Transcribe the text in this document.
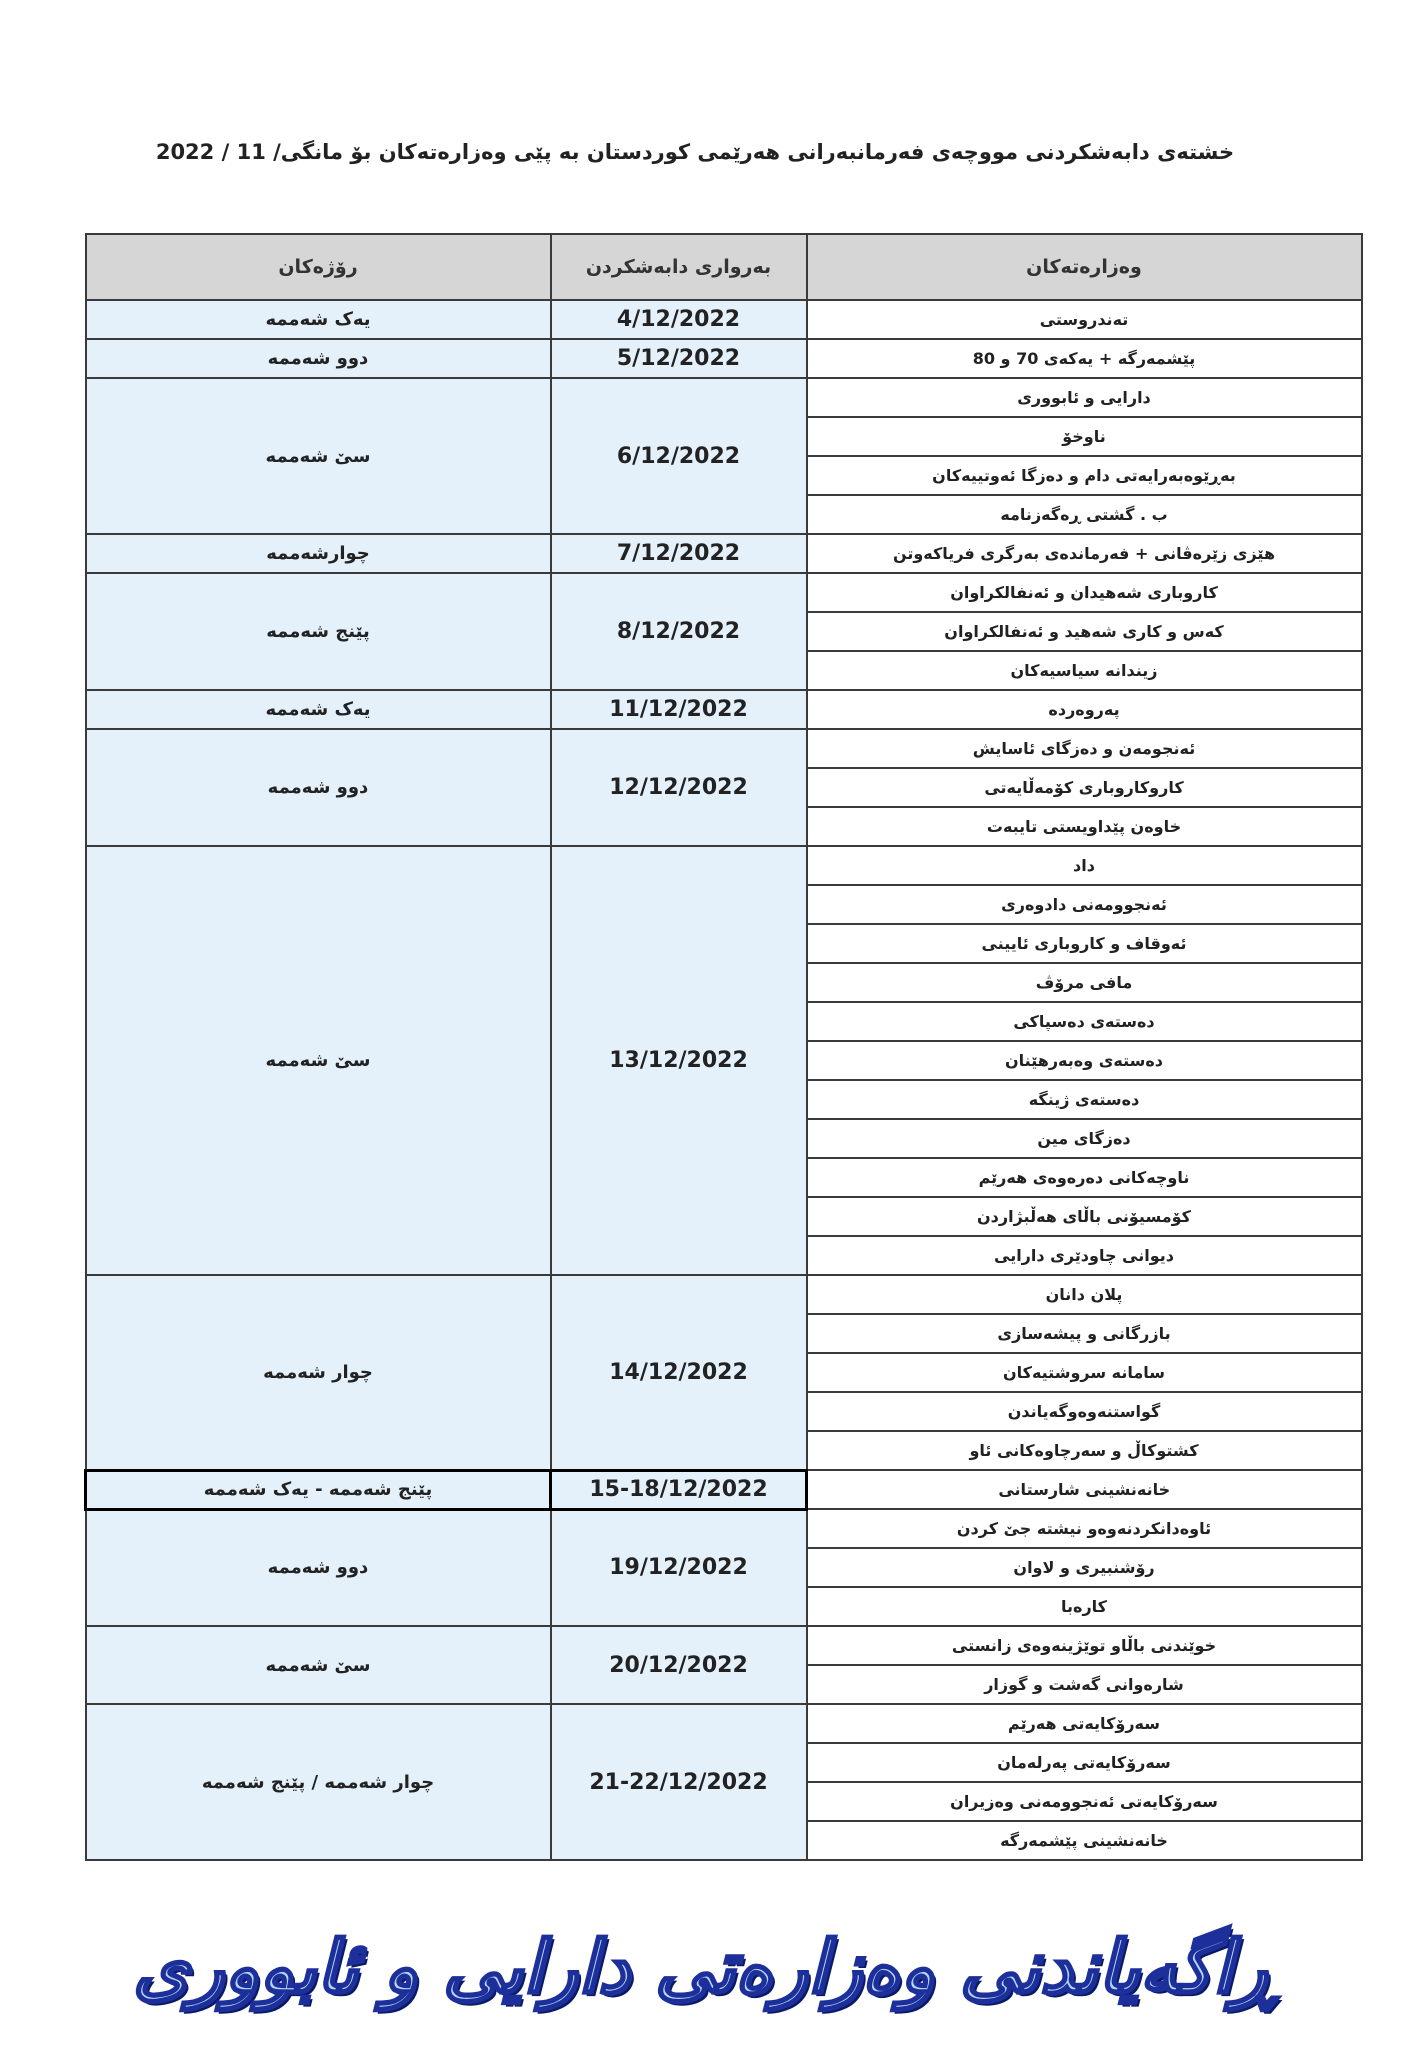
خشتەی دابەشکردنی مووچەی فەرمانبەرانی هەرێمی کوردستان بە پێی وەزارەتەکان بۆ مانگی/ 11 / 2022
وەزارەتەکان	بەرواری دابەشکردن	رۆژەکان
تەندروستی	4/12/2022	یەک شەممە
پێشمەرگە + یەکەی 70 و 80	5/12/2022	دوو شەممە
دارایی و ئابووری	6/12/2022	سێ شەممە
ناوخۆ		
بەڕێوەبەرایەتی دام و دەزگا ئەوتییەکان		
ب . گشتی ڕەگەزنامە		
هێزی زێرەڤانی + فەرماندەی بەرگری فریاکەوتن	7/12/2022	چوارشەممە
کاروباری شەهیدان و ئەنفالکراوان	8/12/2022	پێنج شەممە
کەس و کاری شەهید و ئەنفالکراوان		
زیندانە سیاسیەکان		
پەروەردە	11/12/2022	یەک شەممە
ئەنجومەن و دەزگای ئاسایش	12/12/2022	دوو شەممە
کاروکاروباری کۆمەڵایەتی		
خاوەن پێداویستی تایبەت		
داد	13/12/2022	سێ شەممە
ئەنجوومەنی دادوەری		
ئەوقاف و کاروباری ئایینی		
مافی مرۆڤ		
دەستەی دەسپاکی		
دەستەی وەبەرهێنان		
دەستەی ژینگە		
دەزگای مین		
ناوچەکانی دەرەوەی هەرێم		
کۆمسیۆنی باڵای هەڵبژاردن		
دیوانی چاودێری دارایی		
پلان دانان	14/12/2022	چوار شەممە
بازرگانی و پیشەسازی		
سامانە سروشتیەکان		
گواستنەوەوگەیاندن		
کشتوکاڵ و سەرچاوەکانی ئاو		
خانەنشینی شارستانی	15-18/12/2022	پێنج شەممە - یەک شەممە
ئاوەدانکردنەوەو نیشتە جێ کردن	19/12/2022	دوو شەممە
رۆشنبیری و لاوان		
کارەبا		
خوێندنی باڵاو توێژینەوەی زانستی	20/12/2022	سێ شەممە
شارەوانی گەشت و گوزار		
سەرۆکایەتی هەرێم	21-22/12/2022	چوار شەممە / پێنج شەممە
سەرۆکایەتی پەرلەمان		
سەرۆکایەتی ئەنجوومەنی وەزیران		
خانەنشینی پێشمەرگە		
ڕاگەیاندنی وەزارەتی دارایی و ئابووری
